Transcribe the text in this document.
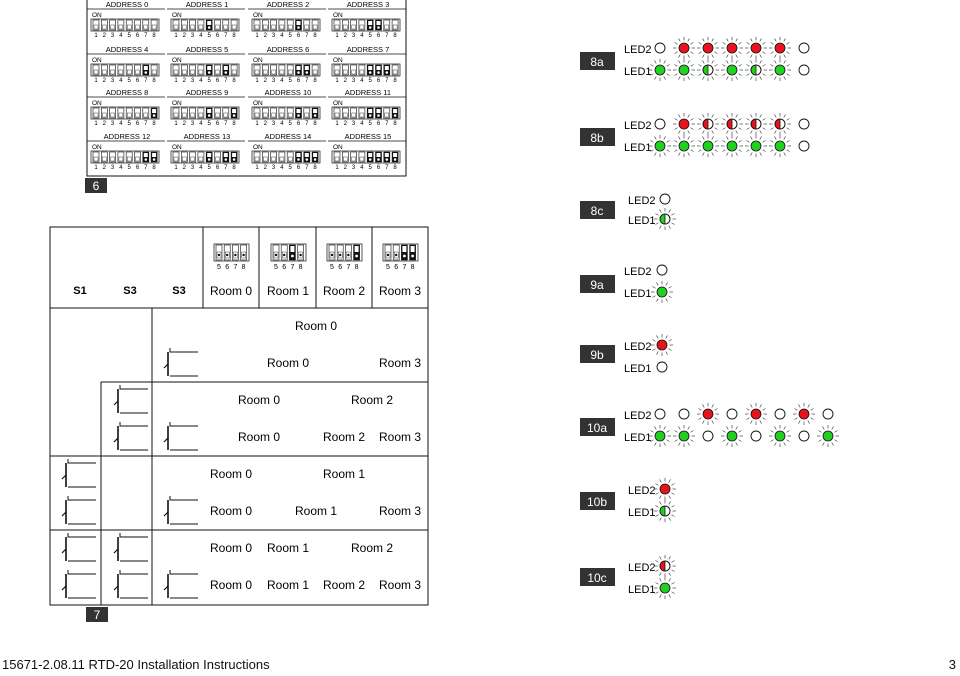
ADDRESS 0
ON
1 2 3 4 5 6 7 8
ADDRESS 1
ON
1 2 3 4 5 6 7 8
ADDRESS 2
ON
1 2 3 4 5 6 7 8
ADDRESS 3
ON
1 2 3 4 5 6 7 8
ADDRESS 4
ON
1 2 3 4 5 6 7 8
ADDRESS 5
ON
1 2 3 4 5 6 7 8
ADDRESS 6
ON
1 2 3 4 5 6 7 8
ADDRESS 7
ON
1 2 3 4 5 6 7 8
ADDRESS 8
ON
1 2 3 4 5 6 7 8
ADDRESS 9
ON
1 2 3 4 5 6 7 8
ADDRESS 10
ON
1 2 3 4 5 6 7 8
ADDRESS 11
ON
1 2 3 4 5 6 7 8
ADDRESS 12
ON
1 2 3 4 5 6 7 8
ADDRESS 13
ON
1 2 3 4 5 6 7 8
ADDRESS 14
ON
1 2 3 4 5 6 7 8
ADDRESS 15
ON
1 2 3 4 5 6 7 8
6
7
S1	S3	S3 Room 0 Room 1 Room 2 Room 3
5 6 7 8	5 6 7 8	5 6 7 8	5 6 7 8
Room 0
Room 0	Room 3
Room 0	Room 2
Room 0	Room 2 Room 3
Room 0	Room 1
Room 0	Room 1	Room 3
Room 0 Room 1	Room 2
Room 0 Room 1 Room 2 Room 3
8a
LED2
LED1
8b
LED2
LED1
8c
LED2
LED1
9a
LED2
LED1
9b
LED2
LED1
10a
LED2
LED1
10b
LED2
LED1
10c
LED2
LED1
15671-2.08.11 RTD-20 Installation Instructions	3
